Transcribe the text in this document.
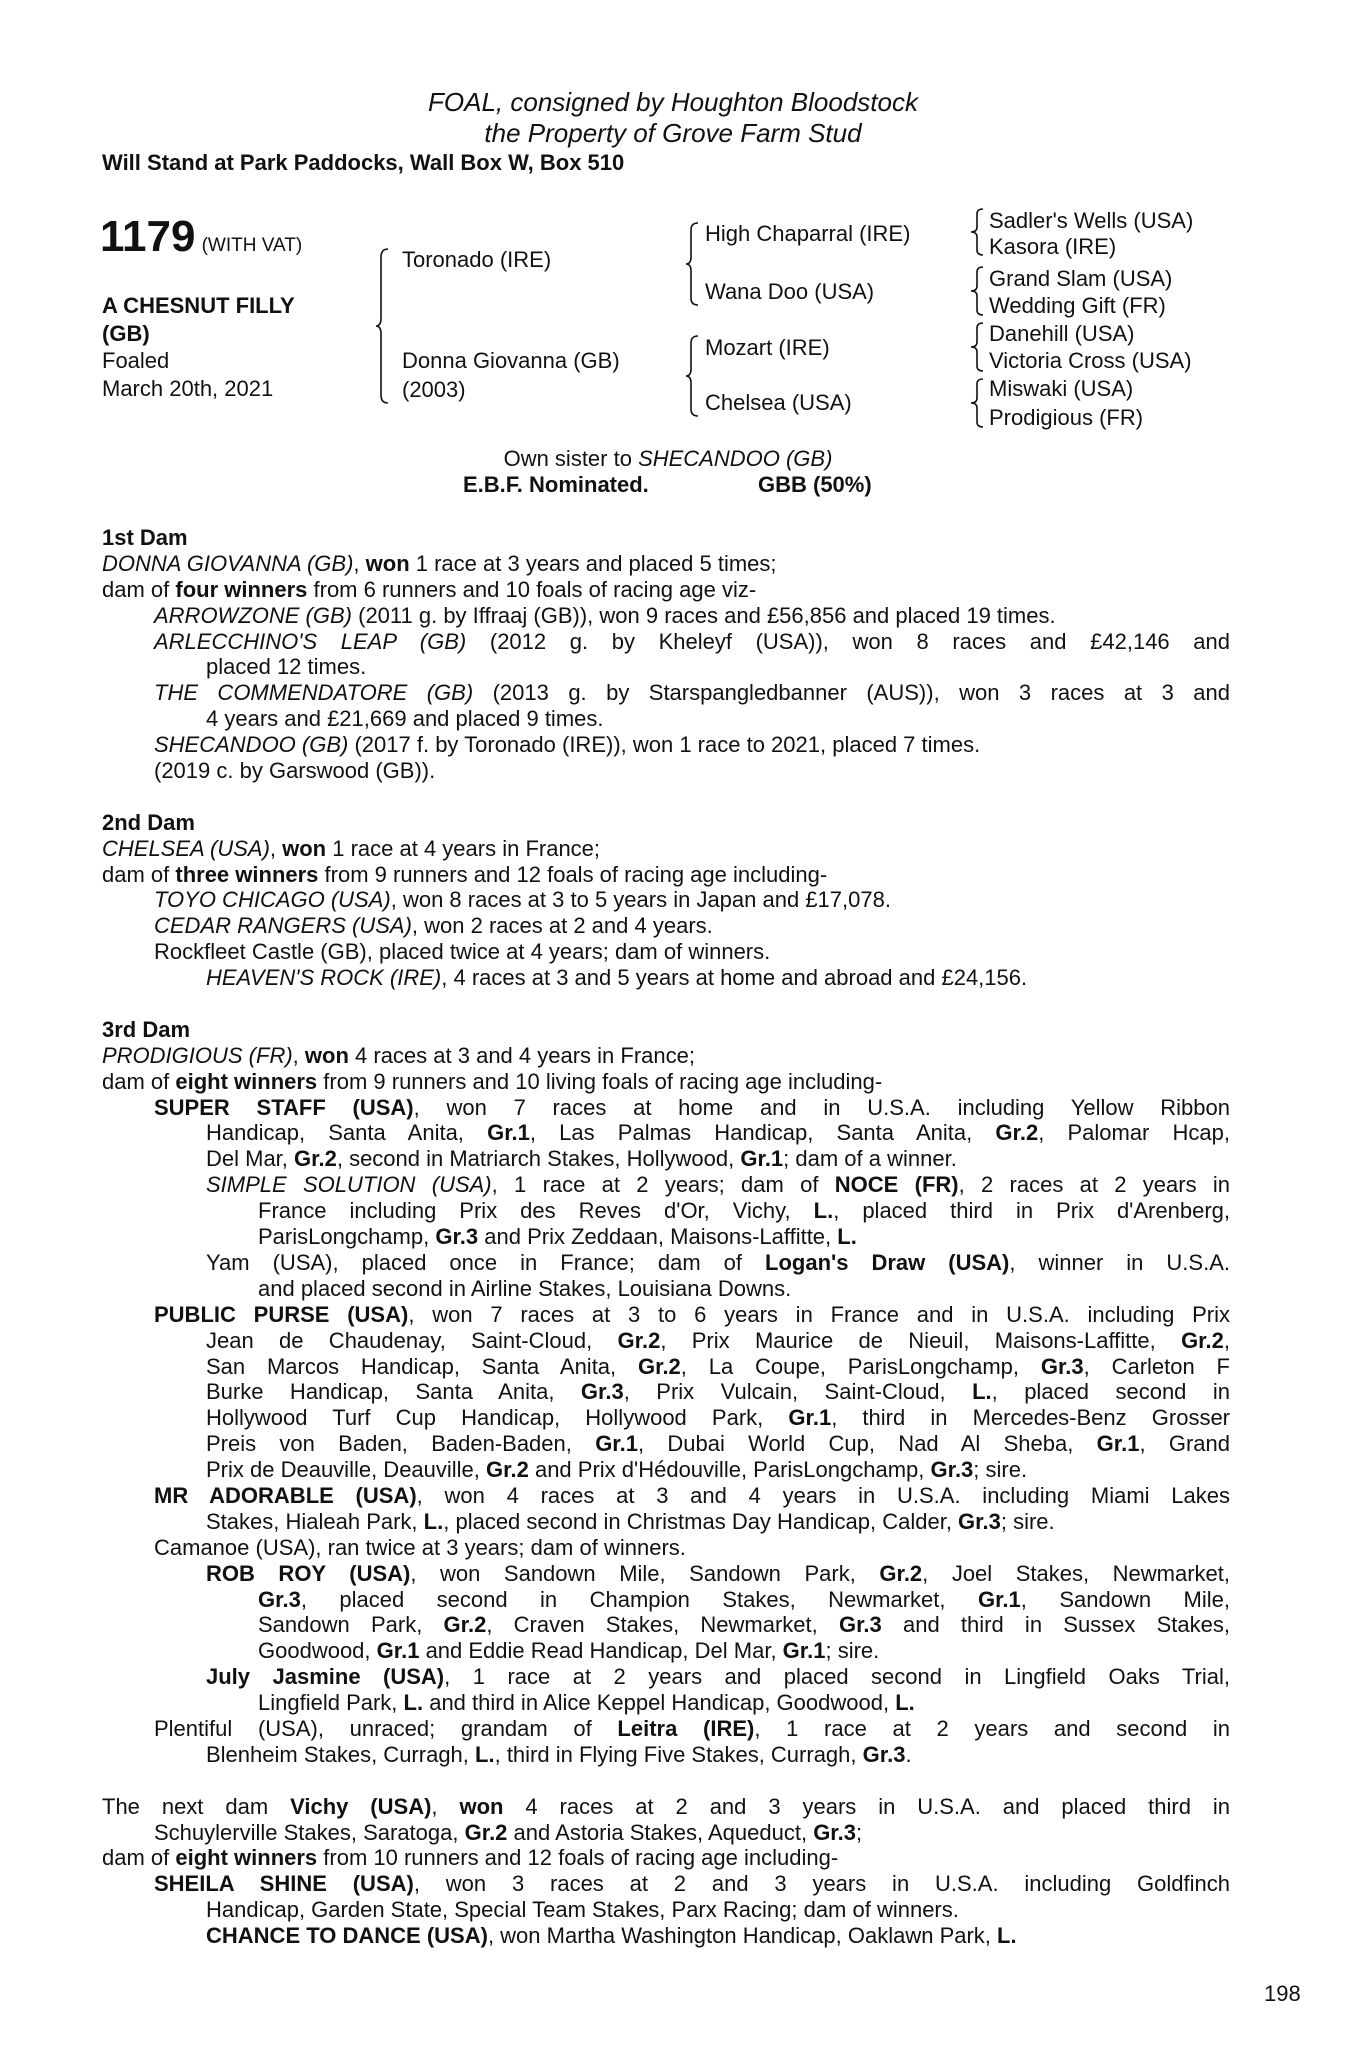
FOAL, consigned by Houghton Bloodstock
the Property of Grove Farm Stud
Will Stand at Park Paddocks, Wall Box W, Box 510
1179 (WITH VAT)
A CHESNUT FILLY
(GB)
Foaled
March 20th, 2021
Toronado (IRE)
Donna Giovanna (GB)
(2003)
High Chaparral (IRE)
Wana Doo (USA)
Mozart (IRE)
Chelsea (USA)
Sadler's Wells (USA)
Kasora (IRE)
Grand Slam (USA)
Wedding Gift (FR)
Danehill (USA)
Victoria Cross (USA)
Miswaki (USA)
Prodigious (FR)
Own sister to SHECANDOO (GB)
E.B.F. Nominated.	GBB (50%)
1st Dam
DONNA GIOVANNA (GB), won 1 race at 3 years and placed 5 times;
dam of four winners from 6 runners and 10 foals of racing age viz-
ARROWZONE (GB) (2011 g. by Iffraaj (GB)), won 9 races and £56,856 and placed 19 times.
ARLECCHINO'S LEAP (GB) (2012 g. by Kheleyf (USA)), won 8 races and £42,146 and
placed 12 times.
THE COMMENDATORE (GB) (2013 g. by Starspangledbanner (AUS)), won 3 races at 3 and
4 years and £21,669 and placed 9 times.
SHECANDOO (GB) (2017 f. by Toronado (IRE)), won 1 race to 2021, placed 7 times.
(2019 c. by Garswood (GB)).
2nd Dam
CHELSEA (USA), won 1 race at 4 years in France;
dam of three winners from 9 runners and 12 foals of racing age including-
TOYO CHICAGO (USA), won 8 races at 3 to 5 years in Japan and £17,078.
CEDAR RANGERS (USA), won 2 races at 2 and 4 years.
Rockfleet Castle (GB), placed twice at 4 years; dam of winners.
HEAVEN'S ROCK (IRE), 4 races at 3 and 5 years at home and abroad and £24,156.
3rd Dam
PRODIGIOUS (FR), won 4 races at 3 and 4 years in France;
dam of eight winners from 9 runners and 10 living foals of racing age including-
SUPER STAFF (USA), won 7 races at home and in U.S.A. including Yellow Ribbon
Handicap, Santa Anita, Gr.1, Las Palmas Handicap, Santa Anita, Gr.2, Palomar Hcap,
Del Mar, Gr.2, second in Matriarch Stakes, Hollywood, Gr.1; dam of a winner.
SIMPLE SOLUTION (USA), 1 race at 2 years; dam of NOCE (FR), 2 races at 2 years in
France including Prix des Reves d'Or, Vichy, L., placed third in Prix d'Arenberg,
ParisLongchamp, Gr.3 and Prix Zeddaan, Maisons-Laffitte, L.
Yam (USA), placed once in France; dam of Logan's Draw (USA), winner in U.S.A.
and placed second in Airline Stakes, Louisiana Downs.
PUBLIC PURSE (USA), won 7 races at 3 to 6 years in France and in U.S.A. including Prix
Jean de Chaudenay, Saint-Cloud, Gr.2, Prix Maurice de Nieuil, Maisons-Laffitte, Gr.2,
San Marcos Handicap, Santa Anita, Gr.2, La Coupe, ParisLongchamp, Gr.3, Carleton F
Burke Handicap, Santa Anita, Gr.3, Prix Vulcain, Saint-Cloud, L., placed second in
Hollywood Turf Cup Handicap, Hollywood Park, Gr.1, third in Mercedes-Benz Grosser
Preis von Baden, Baden-Baden, Gr.1, Dubai World Cup, Nad Al Sheba, Gr.1, Grand
Prix de Deauville, Deauville, Gr.2 and Prix d'Hédouville, ParisLongchamp, Gr.3; sire.
MR ADORABLE (USA), won 4 races at 3 and 4 years in U.S.A. including Miami Lakes
Stakes, Hialeah Park, L., placed second in Christmas Day Handicap, Calder, Gr.3; sire.
Camanoe (USA), ran twice at 3 years; dam of winners.
ROB ROY (USA), won Sandown Mile, Sandown Park, Gr.2, Joel Stakes, Newmarket,
Gr.3, placed second in Champion Stakes, Newmarket, Gr.1, Sandown Mile,
Sandown Park, Gr.2, Craven Stakes, Newmarket, Gr.3 and third in Sussex Stakes,
Goodwood, Gr.1 and Eddie Read Handicap, Del Mar, Gr.1; sire.
July Jasmine (USA), 1 race at 2 years and placed second in Lingfield Oaks Trial,
Lingfield Park, L. and third in Alice Keppel Handicap, Goodwood, L.
Plentiful (USA), unraced; grandam of Leitra (IRE), 1 race at 2 years and second in
Blenheim Stakes, Curragh, L., third in Flying Five Stakes, Curragh, Gr.3.
The next dam Vichy (USA), won 4 races at 2 and 3 years in U.S.A. and placed third in
Schuylerville Stakes, Saratoga, Gr.2 and Astoria Stakes, Aqueduct, Gr.3;
dam of eight winners from 10 runners and 12 foals of racing age including-
SHEILA SHINE (USA), won 3 races at 2 and 3 years in U.S.A. including Goldfinch
Handicap, Garden State, Special Team Stakes, Parx Racing; dam of winners.
CHANCE TO DANCE (USA), won Martha Washington Handicap, Oaklawn Park, L.
198
